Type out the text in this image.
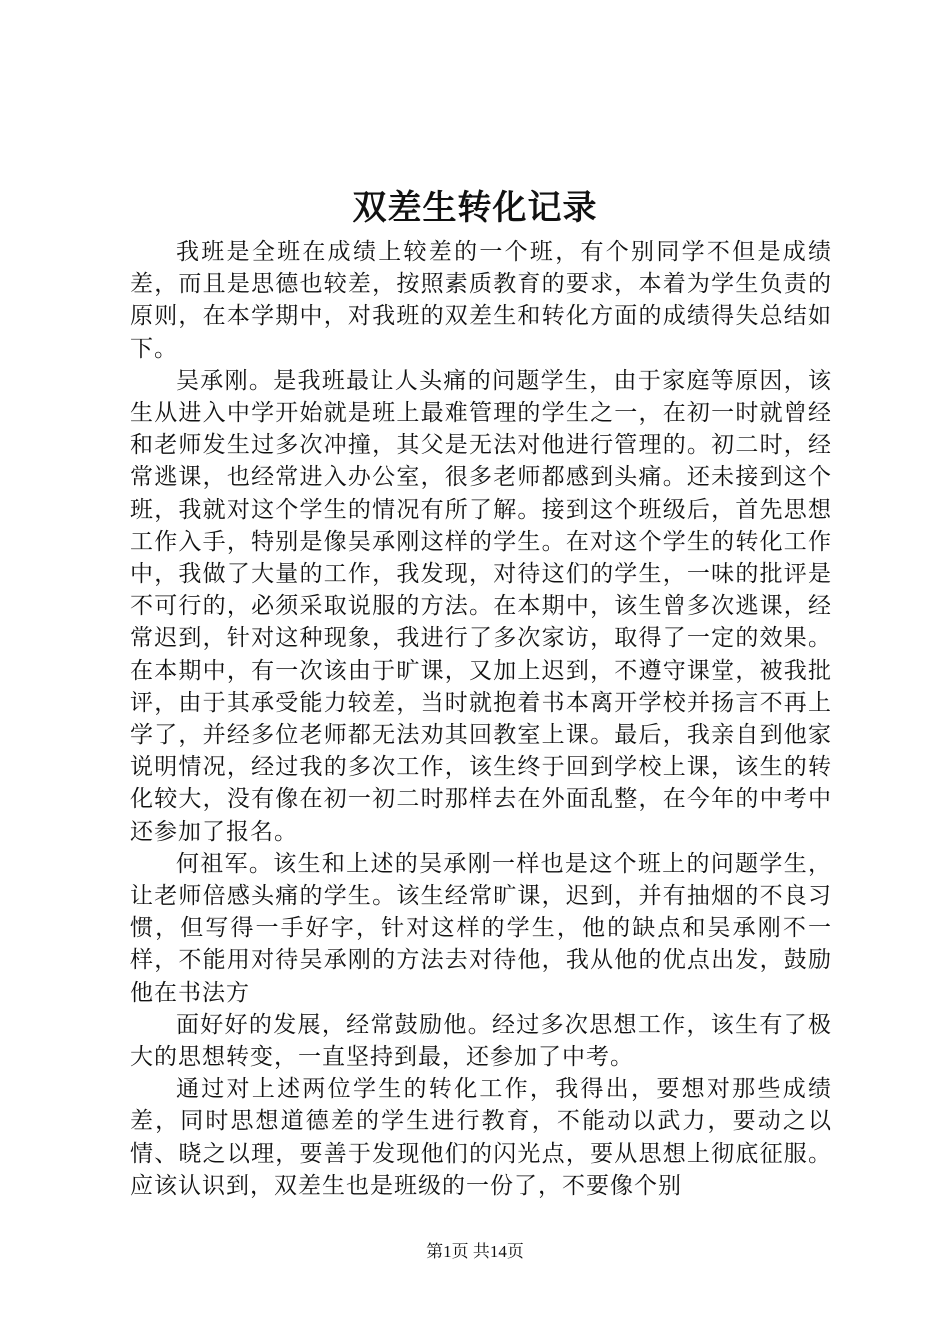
双差生转化记录

我班是全班在成绩上较差的一个班，有个别同学不但是成绩差，而且是思德也较差，按照素质教育的要求，本着为学生负责的原则，在本学期中，对我班的双差生和转化方面的成绩得失总结如下。

吴承刚。是我班最让人头痛的问题学生，由于家庭等原因，该生从进入中学开始就是班上最难管理的学生之一，在初一时就曾经和老师发生过多次冲撞，其父是无法对他进行管理的。初二时，经常逃课，也经常进入办公室，很多老师都感到头痛。还未接到这个班，我就对这个学生的情况有所了解。接到这个班级后，首先思想工作入手，特别是像吴承刚这样的学生。在对这个学生的转化工作中，我做了大量的工作，我发现，对待这们的学生，一味的批评是不可行的，必须采取说服的方法。在本期中，该生曾多次逃课，经常迟到，针对这种现象，我进行了多次家访，取得了一定的效果。在本期中，有一次该由于旷课，又加上迟到，不遵守课堂，被我批评，由于其承受能力较差，当时就抱着书本离开学校并扬言不再上学了，并经多位老师都无法劝其回教室上课。最后，我亲自到他家说明情况，经过我的多次工作，该生终于回到学校上课，该生的转化较大，没有像在初一初二时那样去在外面乱整，在今年的中考中还参加了报名。

何祖军。该生和上述的吴承刚一样也是这个班上的问题学生，让老师倍感头痛的学生。该生经常旷课，迟到，并有抽烟的不良习惯，但写得一手好字，针对这样的学生，他的缺点和吴承刚不一样，不能用对待吴承刚的方法去对待他，我从他的优点出发，鼓励他在书法方

面好好的发展，经常鼓励他。经过多次思想工作，该生有了极大的思想转变，一直坚持到最，还参加了中考。

通过对上述两位学生的转化工作，我得出，要想对那些成绩差，同时思想道德差的学生进行教育，不能动以武力，要动之以情、晓之以理，要善于发现他们的闪光点，要从思想上彻底征服。应该认识到，双差生也是班级的一份了，不要像个别

第1页 共14页
